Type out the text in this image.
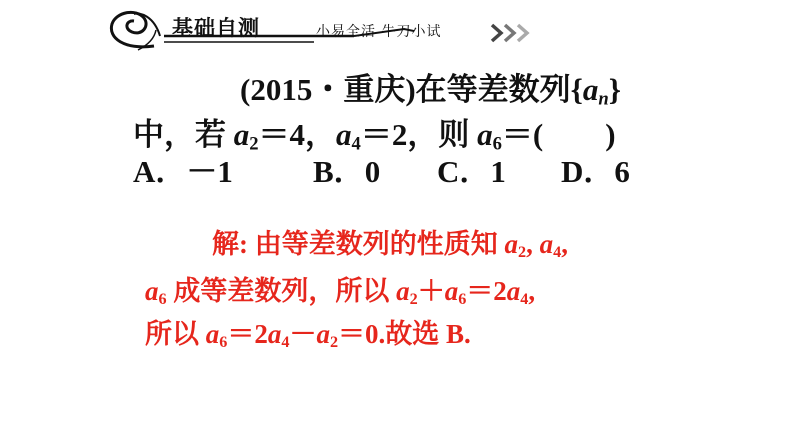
基础自测	小易全活 牛刀小试
(2015・重庆)在等差数列$\{a_n\}$
中，若 $a_2=4$，$a_4=2$，则 $a_6=$(　　)
A．－1	B．0 C．1 D．6
解: 由等差数列的性质知 $a_2$, $a_4$,
$a_6$ 成等差数列，所以 $a_2+a_6=2a_4$,
所以 $a_6=2a_4-a_2=0$.故选 B.
